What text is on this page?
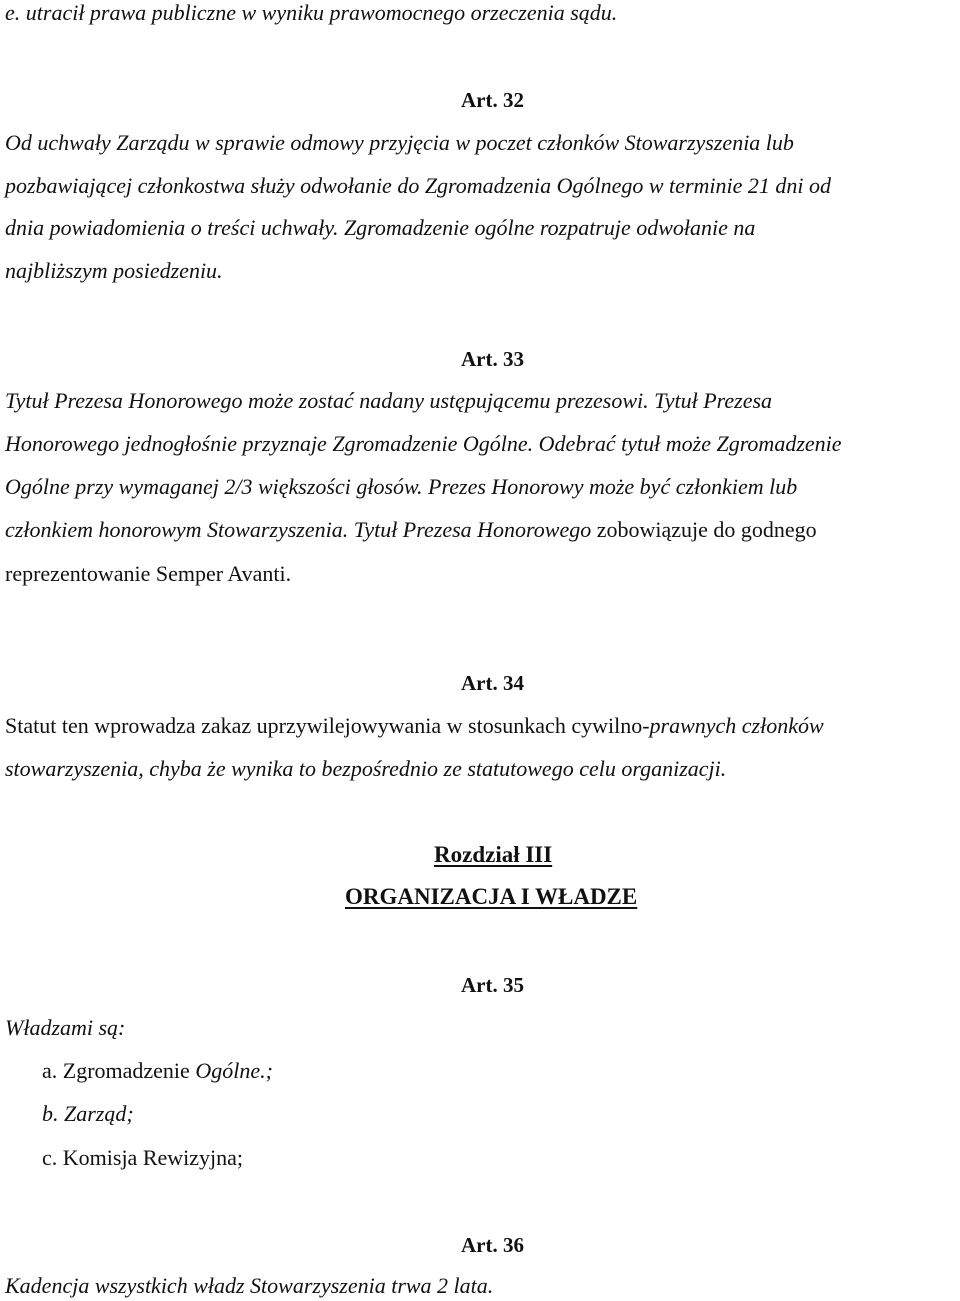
e. utracił prawa publiczne w wyniku prawomocnego orzeczenia sądu.
Art. 32
Od uchwały Zarządu w sprawie odmowy przyjęcia w poczet członków Stowarzyszenia lub
pozbawiającej członkostwa służy odwołanie do Zgromadzenia Ogólnego w terminie 21 dni od
dnia powiadomienia o treści uchwały. Zgromadzenie ogólne rozpatruje odwołanie na
najbliższym posiedzeniu.
Art. 33
Tytuł Prezesa Honorowego może zostać nadany ustępującemu prezesowi. Tytuł Prezesa
Honorowego jednogłośnie przyznaje Zgromadzenie Ogólne. Odebrać tytuł może Zgromadzenie
Ogólne przy wymaganej 2/3 większości głosów. Prezes Honorowy może być członkiem lub
członkiem honorowym Stowarzyszenia. Tytuł Prezesa Honorowego zobowiązuje do godnego
reprezentowanie Semper Avanti.
Art. 34
Statut ten wprowadza zakaz uprzywilejowywania w stosunkach cywilno-prawnych członków
stowarzyszenia, chyba że wynika to bezpośrednio ze statutowego celu organizacji.
Rozdział III
ORGANIZACJA I WŁADZE
Art. 35
Władzami są:
a. Zgromadzenie Ogólne.;
b. Zarząd;
c. Komisja Rewizyjna;
Art. 36
Kadencja wszystkich władz Stowarzyszenia trwa 2 lata.
